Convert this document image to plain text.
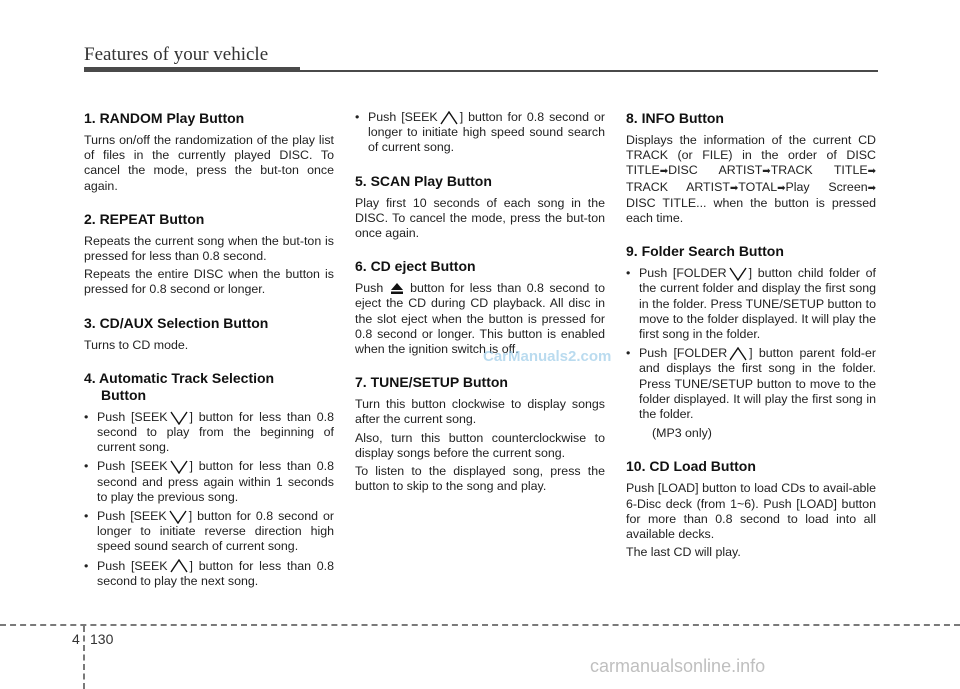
Features of your vehicle
1. RANDOM Play Button
Turns on/off the randomization of the play list of files in the currently played DISC. To cancel the mode, press the but-ton once again.
2. REPEAT Button
Repeats the current song when the but-ton is pressed for less than 0.8 second.
Repeats the entire DISC when the button is pressed for 0.8 second or longer.
3. CD/AUX Selection Button
Turns to CD mode.
4. Automatic Track Selection
Button
• Push [SEEK ] button for less than 0.8 second to play from the beginning of current song.
• Push [SEEK ] button for less than 0.8 second and press again within 1 seconds to play the previous song.
• Push [SEEK ] button for 0.8 second or longer to initiate reverse direction high speed sound search of current song.
• Push [SEEK ] button for less than 0.8 second to play the next song.
• Push [SEEK ] button for 0.8 second or longer to initiate high speed sound search of current song.
5. SCAN Play Button
Play first 10 seconds of each song in the DISC. To cancel the mode, press the but-ton once again.
6. CD eject Button
Push button for less than 0.8 second to eject the CD during CD playback. All disc in the slot eject when the button is pressed for 0.8 second or longer. This button is enabled when the ignition switch is off.
7. TUNE/SETUP Button
Turn this button clockwise to display songs after the current song.
Also, turn this button counterclockwise to display songs before the current song.
To listen to the displayed song, press the button to skip to the song and play.
8. INFO Button
Displays the information of the current CD TRACK (or FILE) in the order of DISC TITLE➡DISC ARTIST➡TRACK TITLE➡ TRACK ARTIST➡TOTAL➡Play Screen➡ DISC TITLE... when the button is pressed each time.
9. Folder Search Button
• Push [FOLDER ] button child folder of the current folder and display the first song in the folder. Press TUNE/SETUP button to move to the folder displayed. It will play the first song in the folder.
• Push [FOLDER ] button parent fold-er and displays the first song in the folder. Press TUNE/SETUP button to move to the folder displayed. It will play the first song in the folder.
(MP3 only)
10. CD Load Button
Push [LOAD] button to load CDs to avail-able 6-Disc deck (from 1~6). Push [LOAD] button for more than 0.8 second to load into all available decks.
The last CD will play.
CarManuals2.com
4 130
carmanualsonline.info
